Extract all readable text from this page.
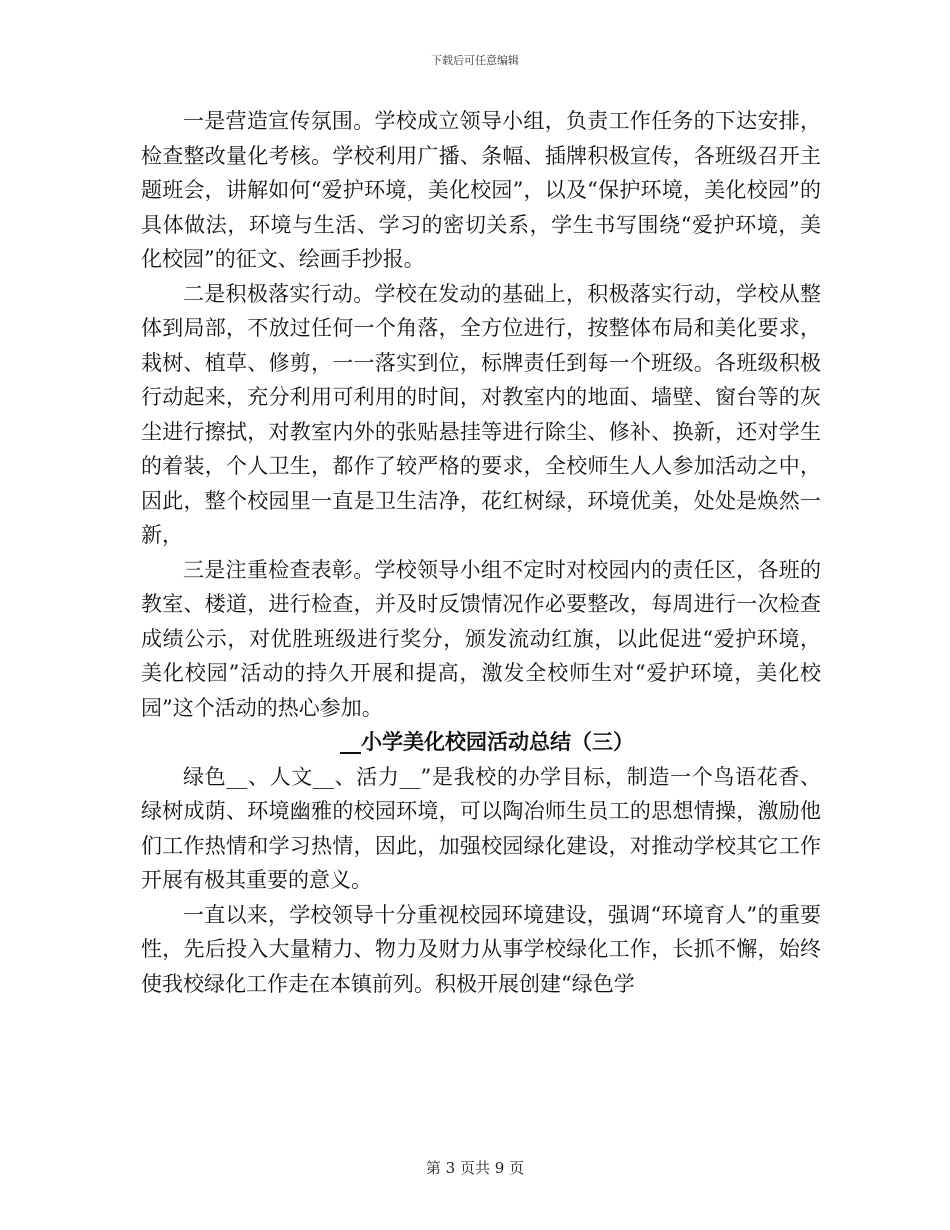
下载后可任意编辑

一是营造宣传氛围。学校成立领导小组，负责工作任务的下达安排，检查整改量化考核。学校利用广播、条幅、插牌积极宣传，各班级召开主题班会，讲解如何“爱护环境，美化校园”，以及“保护环境，美化校园”的具体做法，环境与生活、学习的密切关系，学生书写围绕“爱护环境，美化校园”的征文、绘画手抄报。

二是积极落实行动。学校在发动的基础上，积极落实行动，学校从整体到局部，不放过任何一个角落，全方位进行，按整体布局和美化要求，栽树、植草、修剪，一一落实到位，标牌责任到每一个班级。各班级积极行动起来，充分利用可利用的时间，对教室内的地面、墙壁、窗台等的灰尘进行擦拭，对教室内外的张贴悬挂等进行除尘、修补、换新，还对学生的着装，个人卫生，都作了较严格的要求，全校师生人人参加活动之中，因此，整个校园里一直是卫生洁净，花红树绿，环境优美，处处是焕然一新，

三是注重检查表彰。学校领导小组不定时对校园内的责任区，各班的教室、楼道，进行检查，并及时反馈情况作必要整改，每周进行一次检查成绩公示，对优胜班级进行奖分，颁发流动红旗，以此促进“爱护环境，美化校园”活动的持久开展和提高，激发全校师生对“爱护环境，美化校园”这个活动的热心参加。

__小学美化校园活动总结（三）

绿色__、人文__、活力__”是我校的办学目标，制造一个鸟语花香、绿树成荫、环境幽雅的校园环境，可以陶冶师生员工的思想情操，激励他们工作热情和学习热情，因此，加强校园绿化建设，对推动学校其它工作开展有极其重要的意义。

一直以来，学校领导十分重视校园环境建设，强调“环境育人”的重要性，先后投入大量精力、物力及财力从事学校绿化工作，长抓不懈，始终使我校绿化工作走在本镇前列。积极开展创建“绿色学

第 3 页共 9 页
